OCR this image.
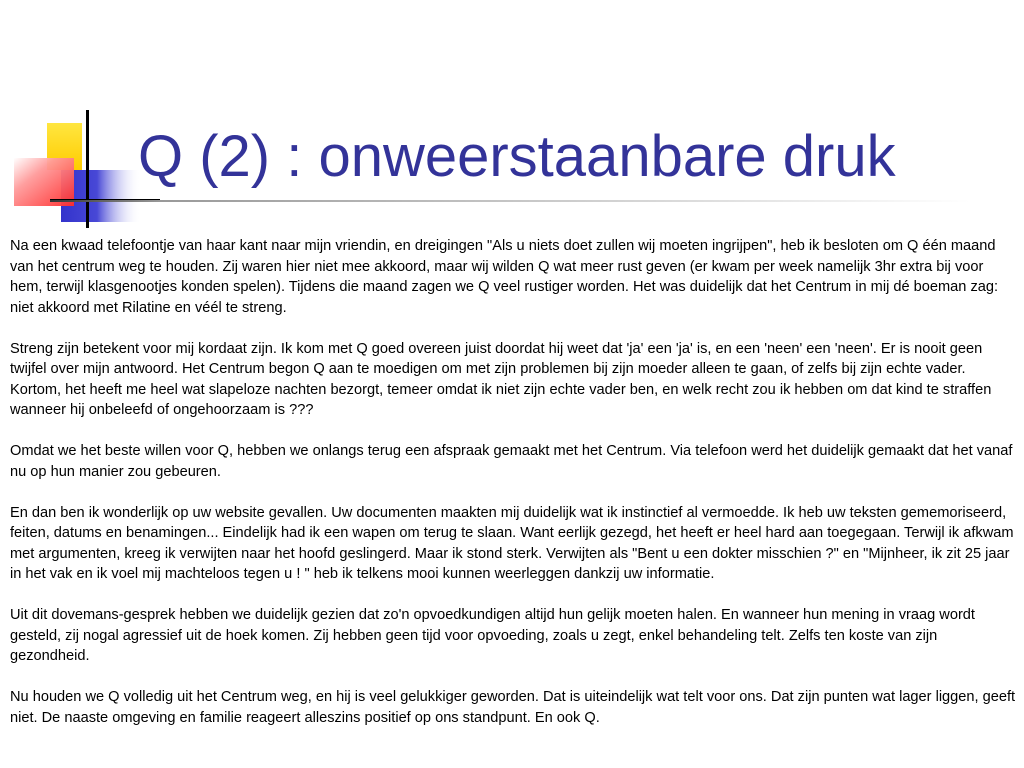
Q (2) : onweerstaanbare druk

Na een kwaad telefoontje van haar kant naar mijn vriendin, en dreigingen "Als u niets doet zullen wij moeten ingrijpen", heb ik besloten om Q één maand van het centrum weg te houden. Zij waren hier niet mee akkoord, maar wij wilden Q wat meer rust geven (er kwam per week namelijk 3hr extra bij voor hem, terwijl klasgenootjes konden spelen). Tijdens die maand zagen we Q veel rustiger worden. Het was duidelijk dat het Centrum in mij dé boeman zag: niet akkoord met Rilatine en véél te streng.

Streng zijn betekent voor mij kordaat zijn. Ik kom met Q goed overeen juist doordat hij weet dat 'ja' een 'ja' is, en een 'neen' een 'neen'. Er is nooit geen twijfel over mijn antwoord. Het Centrum begon Q aan te moedigen om met zijn problemen bij zijn moeder alleen te gaan, of zelfs bij zijn echte vader. Kortom, het heeft me heel wat slapeloze nachten bezorgt, temeer omdat ik niet zijn echte vader ben, en welk recht zou ik hebben om dat kind te straffen wanneer hij onbeleefd of ongehoorzaam is ???

Omdat we het beste willen voor Q, hebben we onlangs terug een afspraak gemaakt met het Centrum. Via telefoon werd het duidelijk gemaakt dat het vanaf nu op hun manier zou gebeuren.

En dan ben ik wonderlijk op uw website gevallen. Uw documenten maakten mij duidelijk wat ik instinctief al vermoedde. Ik heb uw teksten gememoriseerd, feiten, datums en benamingen... Eindelijk had ik een wapen om terug te slaan. Want eerlijk gezegd, het heeft er heel hard aan toegegaan. Terwijl ik afkwam met argumenten, kreeg ik verwijten naar het hoofd geslingerd. Maar ik stond sterk. Verwijten als "Bent u een dokter misschien ?" en "Mijnheer, ik zit 25 jaar in het vak en ik voel mij machteloos tegen u ! " heb ik telkens mooi kunnen weerleggen dankzij uw informatie.

Uit dit dovemans-gesprek hebben we duidelijk gezien dat zo'n opvoedkundigen altijd hun gelijk moeten halen. En wanneer hun mening in vraag wordt gesteld, zij nogal agressief uit de hoek komen. Zij hebben geen tijd voor opvoeding, zoals u zegt, enkel behandeling telt. Zelfs ten koste van zijn gezondheid.

Nu houden we Q volledig uit het Centrum weg, en hij is veel gelukkiger geworden. Dat is uiteindelijk wat telt voor ons. Dat zijn punten wat lager liggen, geeft niet. De naaste omgeving en familie reageert alleszins positief op ons standpunt. En ook Q.
